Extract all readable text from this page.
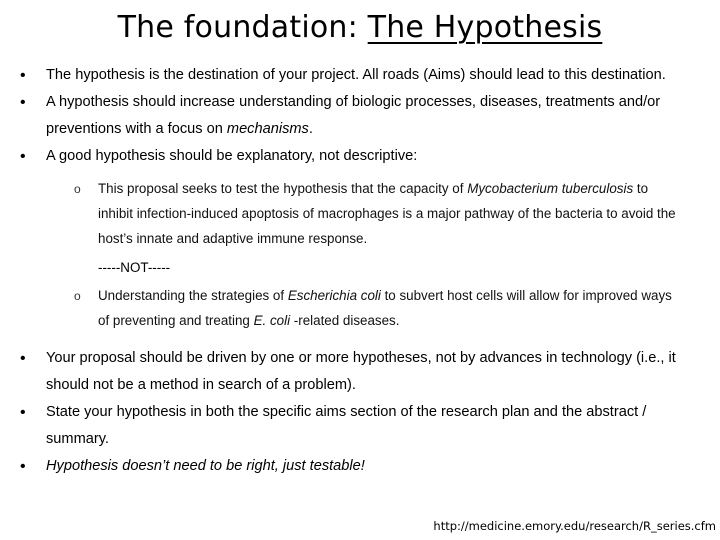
The foundation: The Hypothesis
• The hypothesis is the destination of your project. All roads (Aims) should lead to this destination.
• A hypothesis should increase understanding of biologic processes, diseases, treatments and/or preventions with a focus on mechanisms.
• A good hypothesis should be explanatory, not descriptive:
o This proposal seeks to test the hypothesis that the capacity of Mycobacterium tuberculosis to inhibit infection-induced apoptosis of macrophages is a major pathway of the bacteria to avoid the host’s innate and adaptive immune response.
-----NOT-----
o Understanding the strategies of Escherichia coli to subvert host cells will allow for improved ways of preventing and treating E. coli -related diseases.
• Your proposal should be driven by one or more hypotheses, not by advances in technology (i.e., it should not be a method in search of a problem).
• State your hypothesis in both the specific aims section of the research plan and the abstract / summary.
• Hypothesis doesn’t need to be right, just testable!
http://medicine.emory.edu/research/R_series.cfm
